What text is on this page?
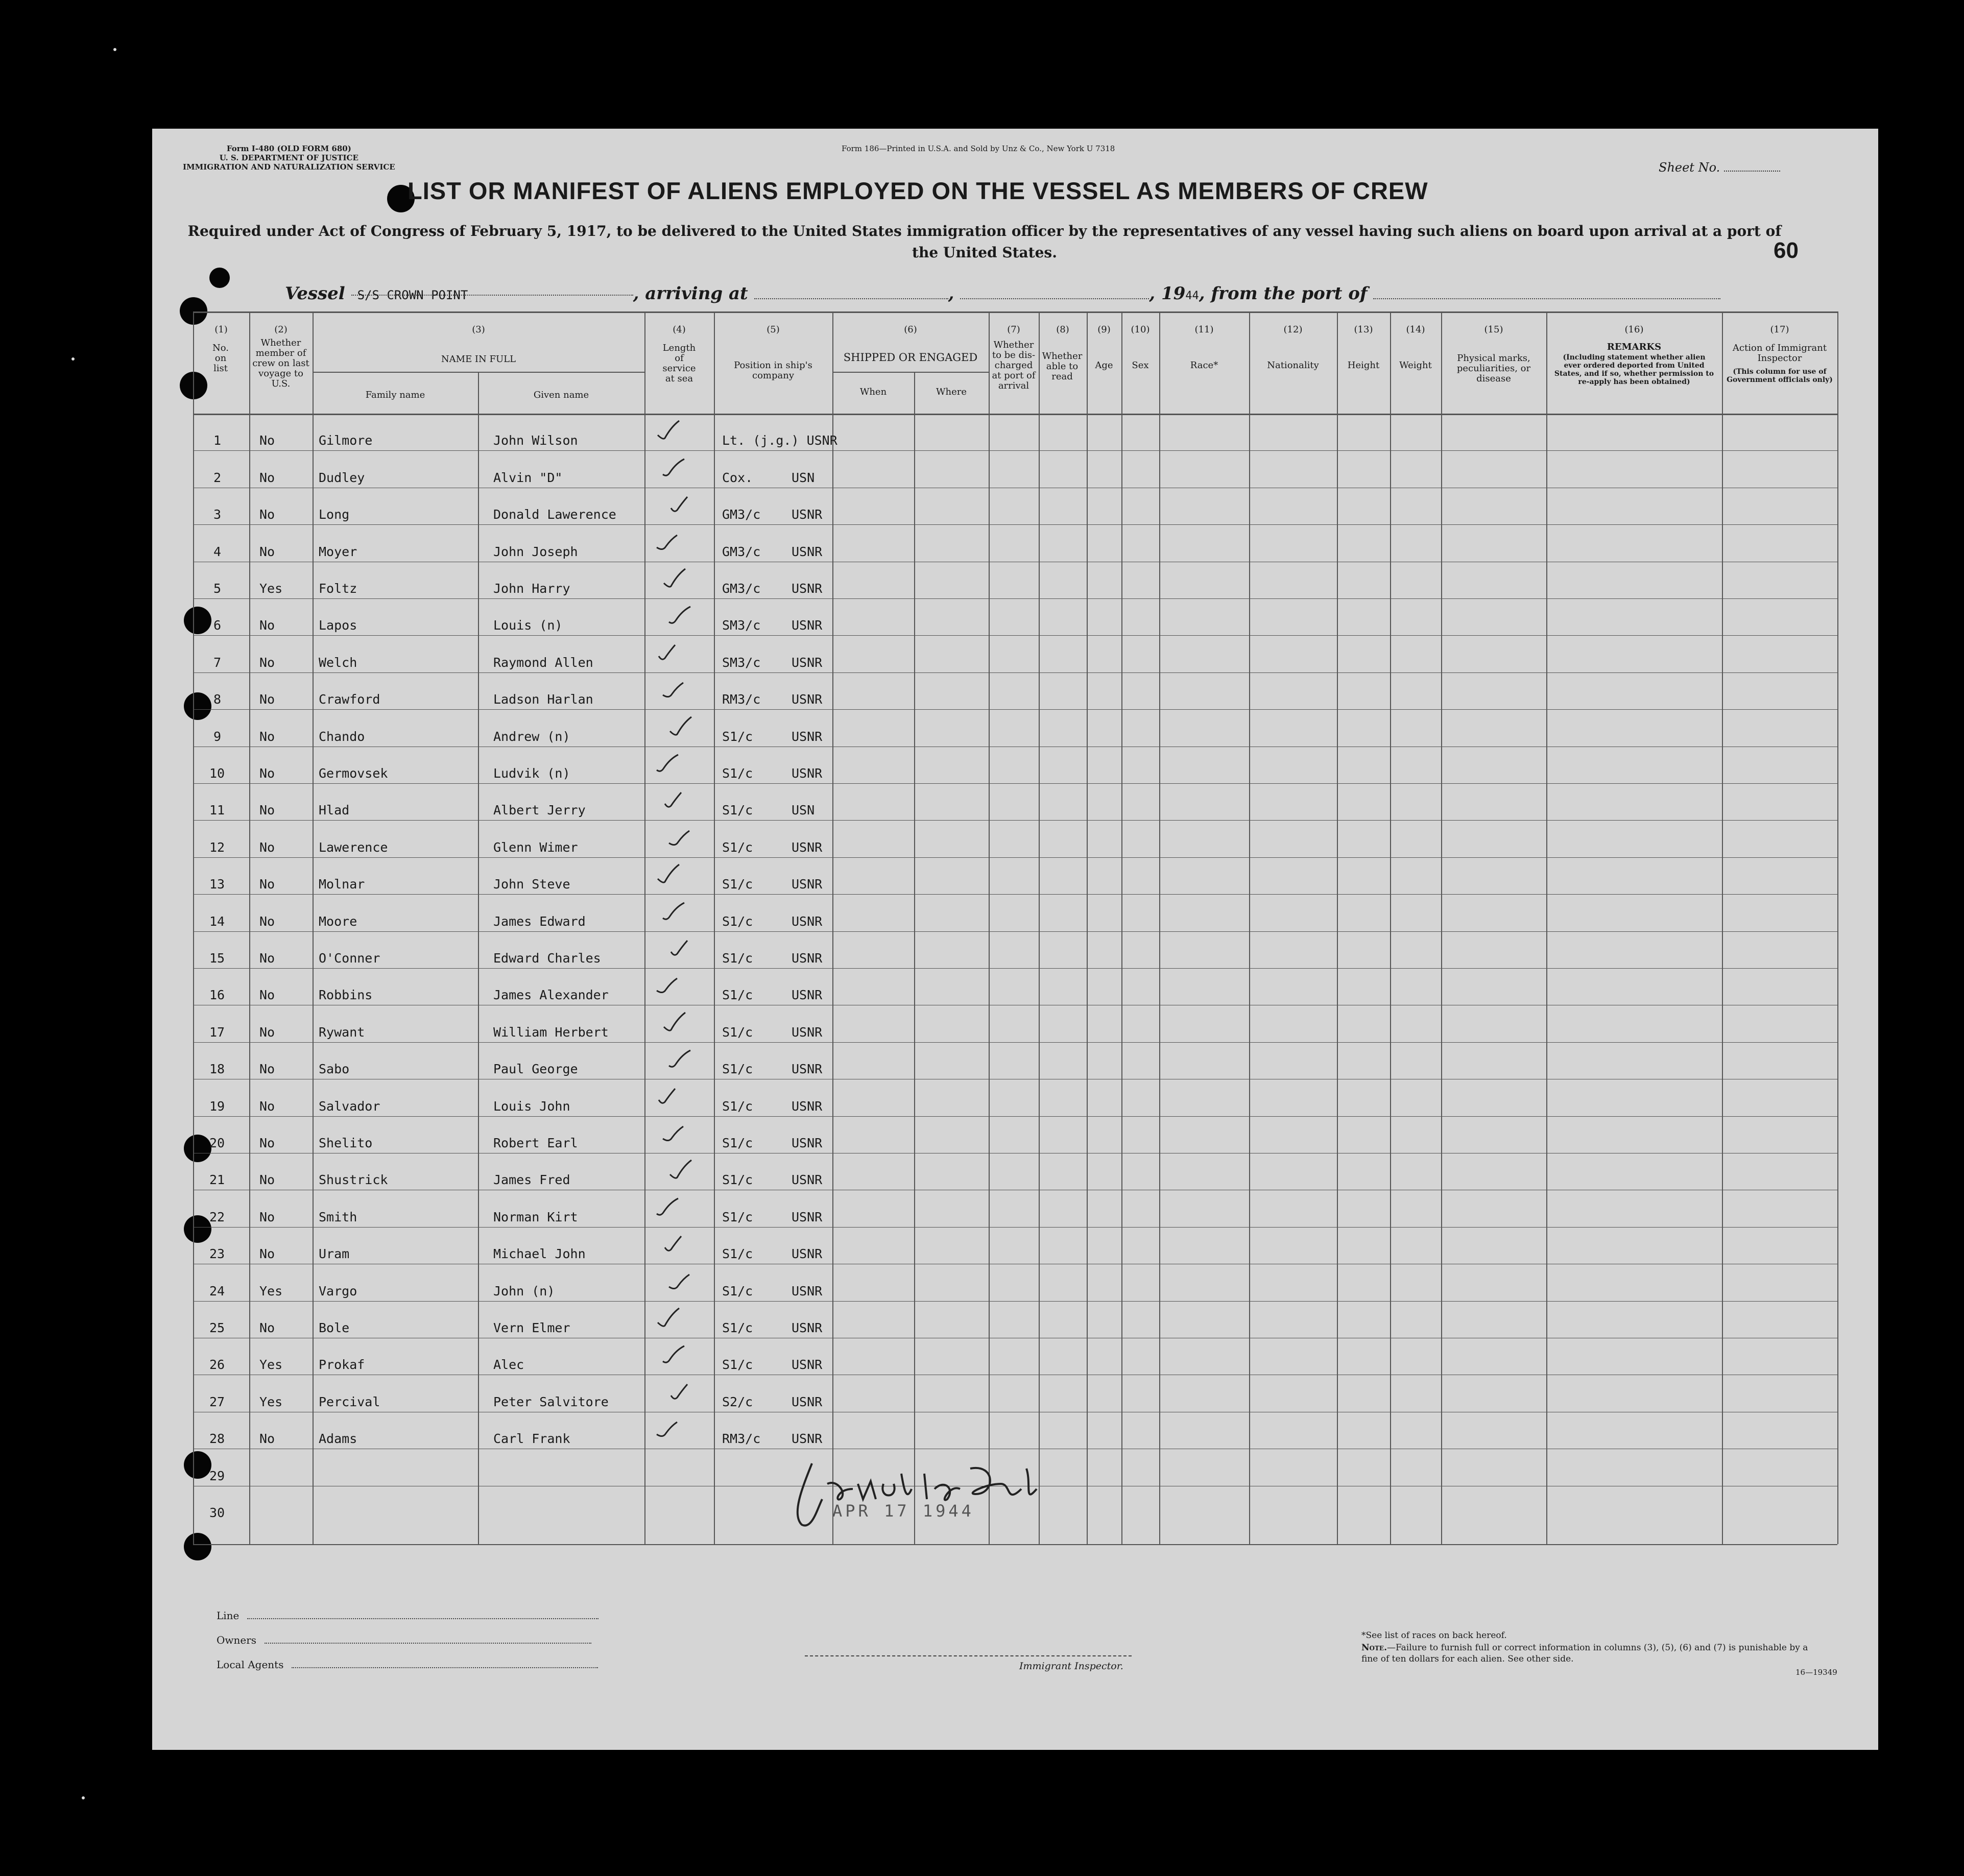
Form I-480 (OLD FORM 680)
U. S. DEPARTMENT OF JUSTICE
IMMIGRATION AND NATURALIZATION SERVICE
Form 186—Printed in U.S.A. and Sold by Unz & Co., New York U 7318
Sheet No.
LIST OR MANIFEST OF ALIENS EMPLOYED ON THE VESSEL AS MEMBERS OF CREW
Required under Act of Congress of February 5, 1917, to be delivered to the United States immigration officer by the representatives of any vessel having such aliens on board upon arrival at a port of the United States.	60
Vessel S/S CROWN POINT	, arriving at	,	, 1944, from the port of
(1)
No. on list
(2)
Whether member of crew on last voyage to U.S.
(3)
NAME IN FULL
Family name	Given name
(4)
Length of service at sea
(5)
Position in ship's company
(6)
SHIPPED OR ENGAGED
When	Where
(7)
Whether to be dis-charged at port of arrival
(8)
Whether able to read
(9)
Age
(10)
Sex
(11)
Race*
(12)
Nationality
(13)
Height
(14)
Weight
(15)
Physical marks, peculiarities, or disease
(16)
REMARKS
(Including statement whether alien ever ordered deported from United States, and if so, whether permission to re-apply has been obtained)
(17)
Action of Immigrant Inspector
(This column for use of Government officials only)
1	No	Gilmore	John Wilson	Lt. (j.g.) USNR
2	No	Dudley	Alvin "D"	Cox.	USN
3	No	Long	Donald Lawerence	GM3/c USNR
4	No	Moyer	John Joseph	GM3/c USNR
5	Yes	Foltz	John Harry	GM3/c USNR
6	No	Lapos	Louis (n)	SM3/c USNR
7	No	Welch	Raymond Allen	SM3/c USNR
8	No	Crawford	Ladson Harlan	RM3/c USNR
9	No	Chando	Andrew (n)	S1/c	USNR
10	No	Germovsek	Ludvik (n)	S1/c	USNR
11	No	Hlad	Albert Jerry	S1/c	USN
12	No	Lawerence	Glenn Wimer	S1/c	USNR
13	No	Molnar	John Steve	S1/c	USNR
14	No	Moore	James Edward	S1/c	USNR
15	No	O'Conner	Edward Charles	S1/c	USNR
16	No	Robbins	James Alexander	S1/c	USNR
17	No	Rywant	William Herbert	S1/c	USNR
18	No	Sabo	Paul George	S1/c	USNR
19	No	Salvador	Louis John	S1/c	USNR
20	No	Shelito	Robert Earl	S1/c	USNR
21	No	Shustrick	James Fred	S1/c	USNR
22	No	Smith	Norman Kirt	S1/c	USNR
23	No	Uram	Michael John	S1/c	USNR
24	Yes	Vargo	John (n)	S1/c	USNR
25	No	Bole	Vern Elmer	S1/c	USNR
26	Yes	Prokaf	Alec	S1/c	USNR
27	Yes	Percival	Peter Salvitore	S2/c	USNR
28	No	Adams	Carl Frank	RM3/c USNR
29
30	APR 17 1944
Line
Owners
Local Agents	Immigrant Inspector.
*See list of races on back hereof.
Note.—Failure to furnish full or correct information in columns (3), (5), (6) and (7) is punishable by a fine of ten dollars for each alien. See other side.
16—19349
